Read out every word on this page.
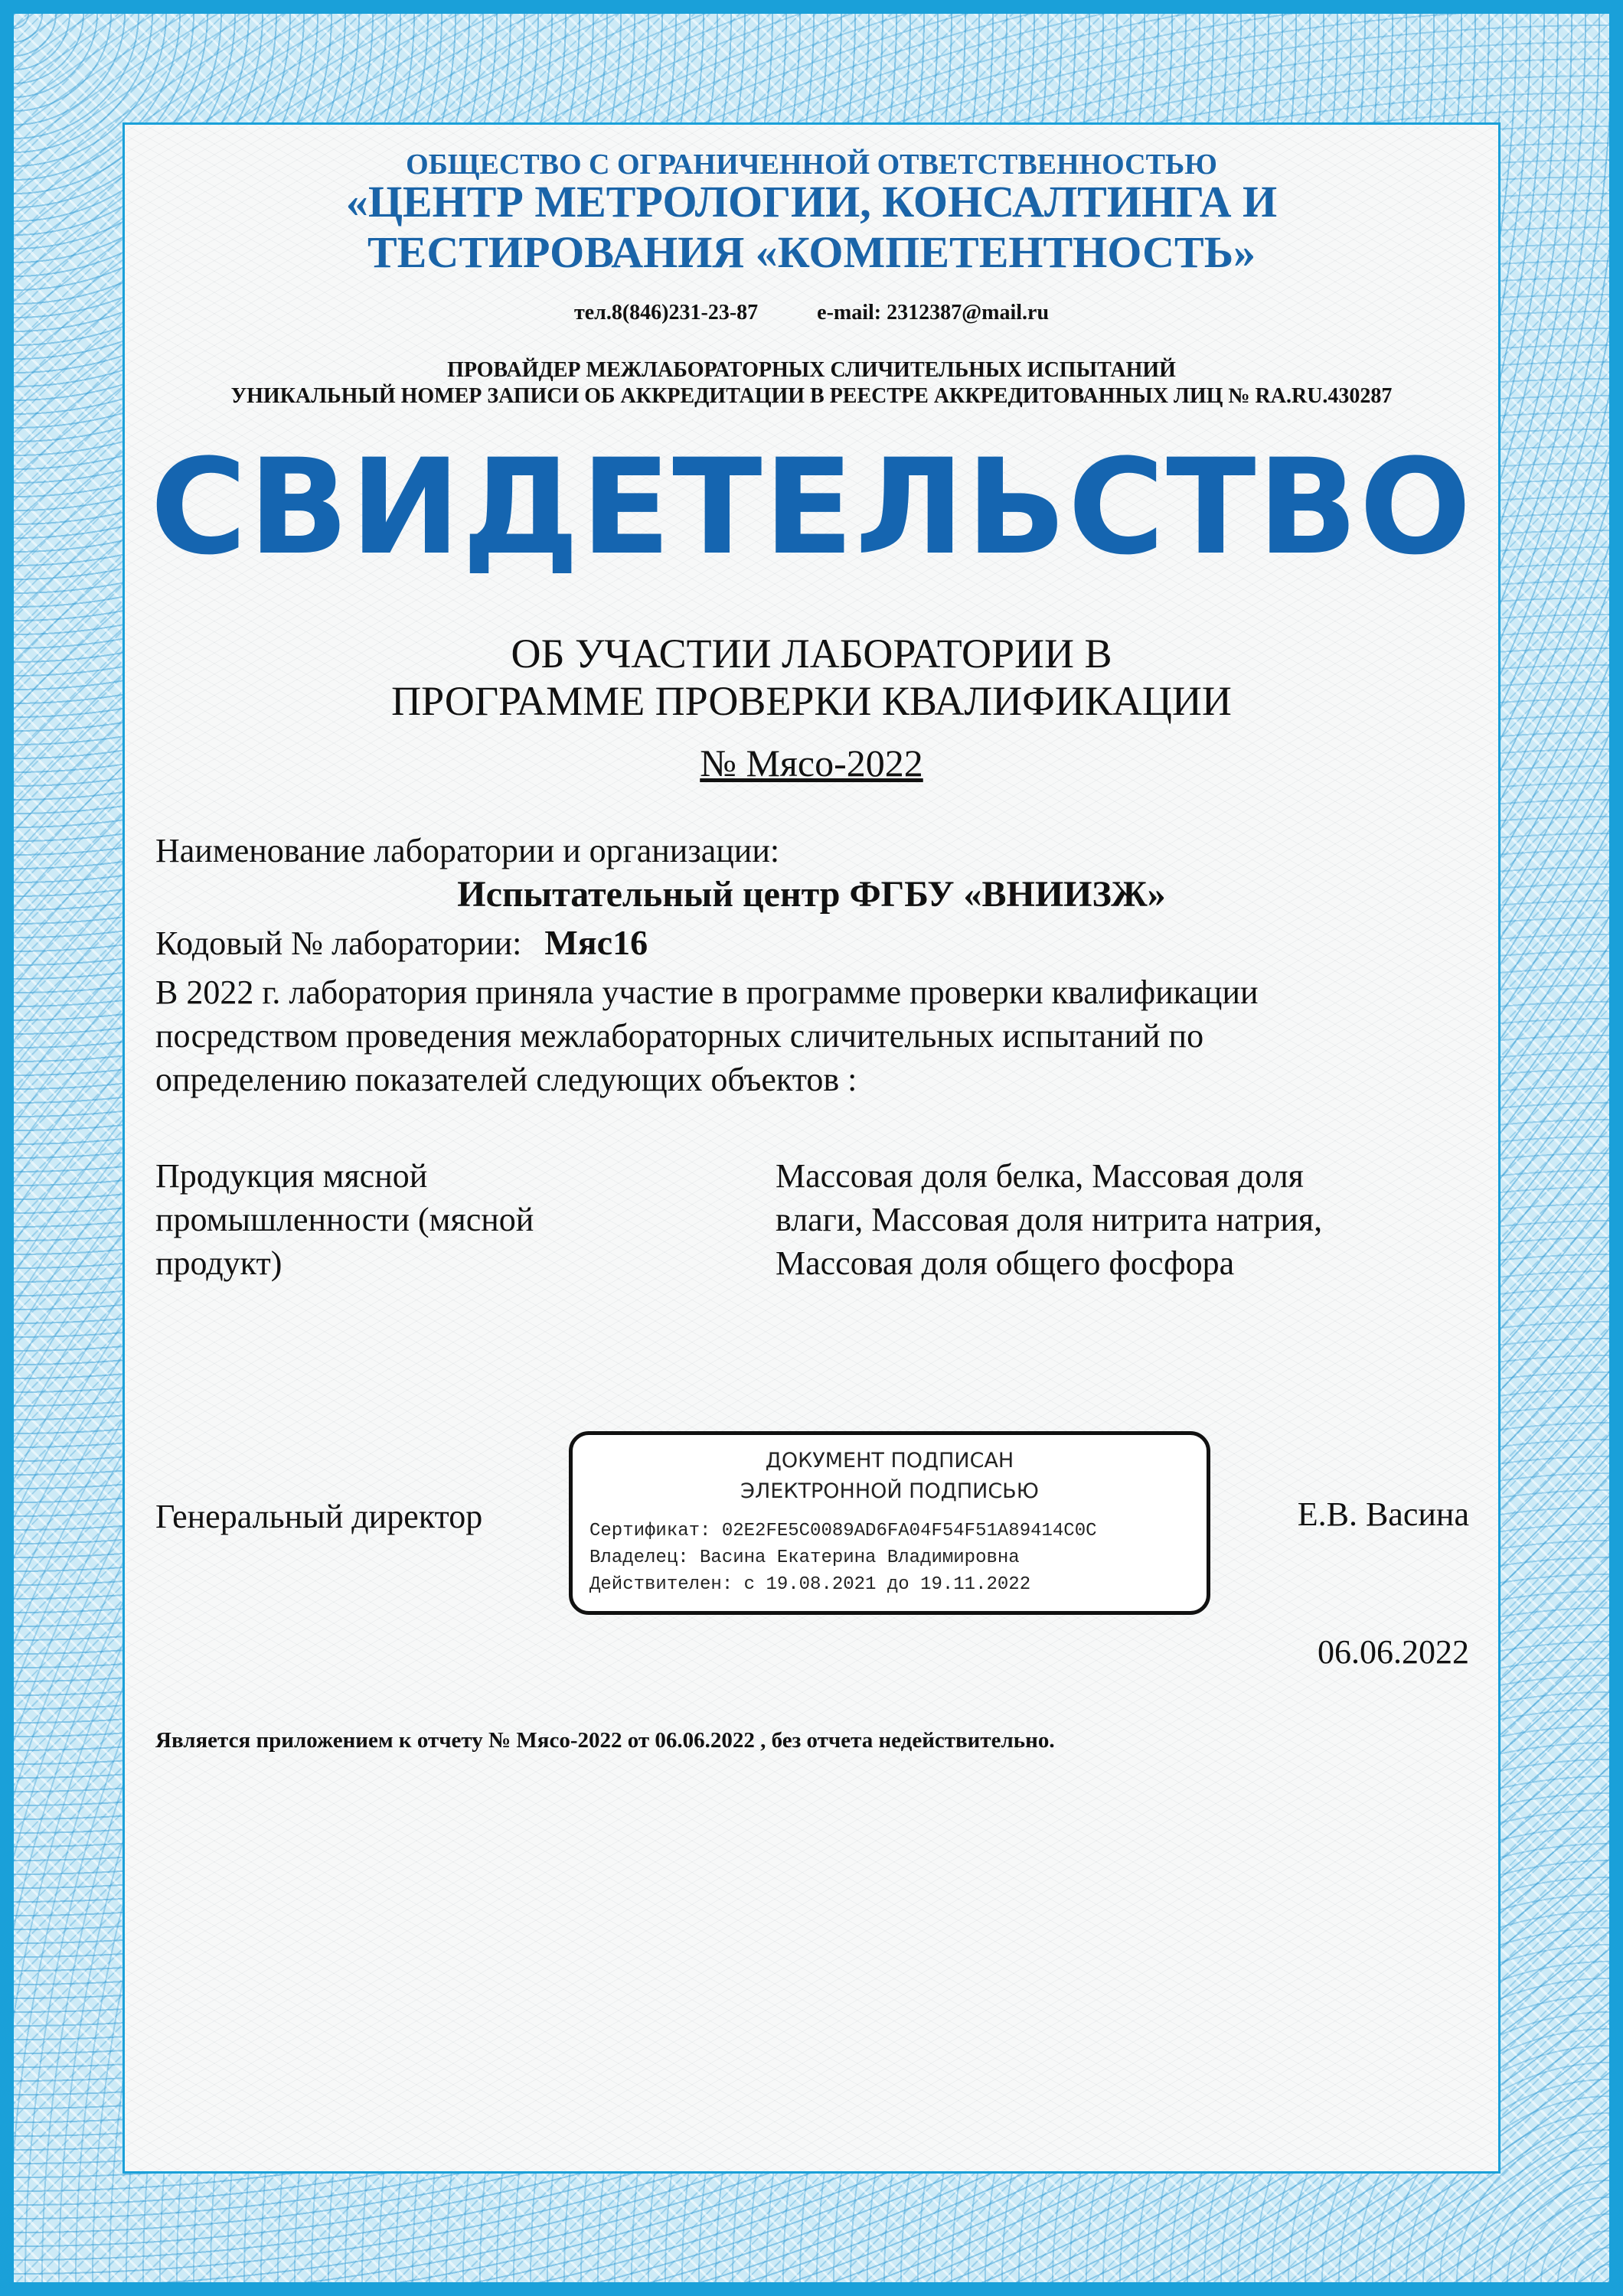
ОБЩЕСТВО С ОГРАНИЧЕННОЙ ОТВЕТСТВЕННОСТЬЮ
«ЦЕНТР МЕТРОЛОГИИ, КОНСАЛТИНГА И
ТЕСТИРОВАНИЯ «КОМПЕТЕНТНОСТЬ»
тел.8(846)231-23-87	e-mail: 2312387@mail.ru
ПРОВАЙДЕР МЕЖЛАБОРАТОРНЫХ СЛИЧИТЕЛЬНЫХ ИСПЫТАНИЙ
УНИКАЛЬНЫЙ НОМЕР ЗАПИСИ ОБ АККРЕДИТАЦИИ В РЕЕСТРЕ АККРЕДИТОВАННЫХ ЛИЦ № RA.RU.430287
СВИДЕТЕЛЬСТВО
ОБ УЧАСТИИ ЛАБОРАТОРИИ В
ПРОГРАММЕ ПРОВЕРКИ КВАЛИФИКАЦИИ
№ Мясо-2022
Наименование лаборатории и организации:
Испытательный центр ФГБУ «ВНИИЗЖ»
Кодовый № лаборатории: Мяс16
В 2022 г. лаборатория приняла участие в программе проверки квалификации
посредством проведения межлабораторных сличительных испытаний по
определению показателей следующих объектов :
Продукция мясной
промышленности (мясной
продукт)
Массовая доля белка, Массовая доля
влаги, Массовая доля нитрита натрия,
Массовая доля общего фосфора
Генеральный директор
ДОКУМЕНТ ПОДПИСАН
ЭЛЕКТРОННОЙ ПОДПИСЬЮ
Сертификат: 02E2FE5C0089AD6FA04F54F51A89414C0C
Владелец: Васина Екатерина Владимировна
Действителен: с 19.08.2021 до 19.11.2022
Е.В. Васина
06.06.2022
Является приложением к отчету № Мясо-2022 от 06.06.2022 , без отчета недействительно.
